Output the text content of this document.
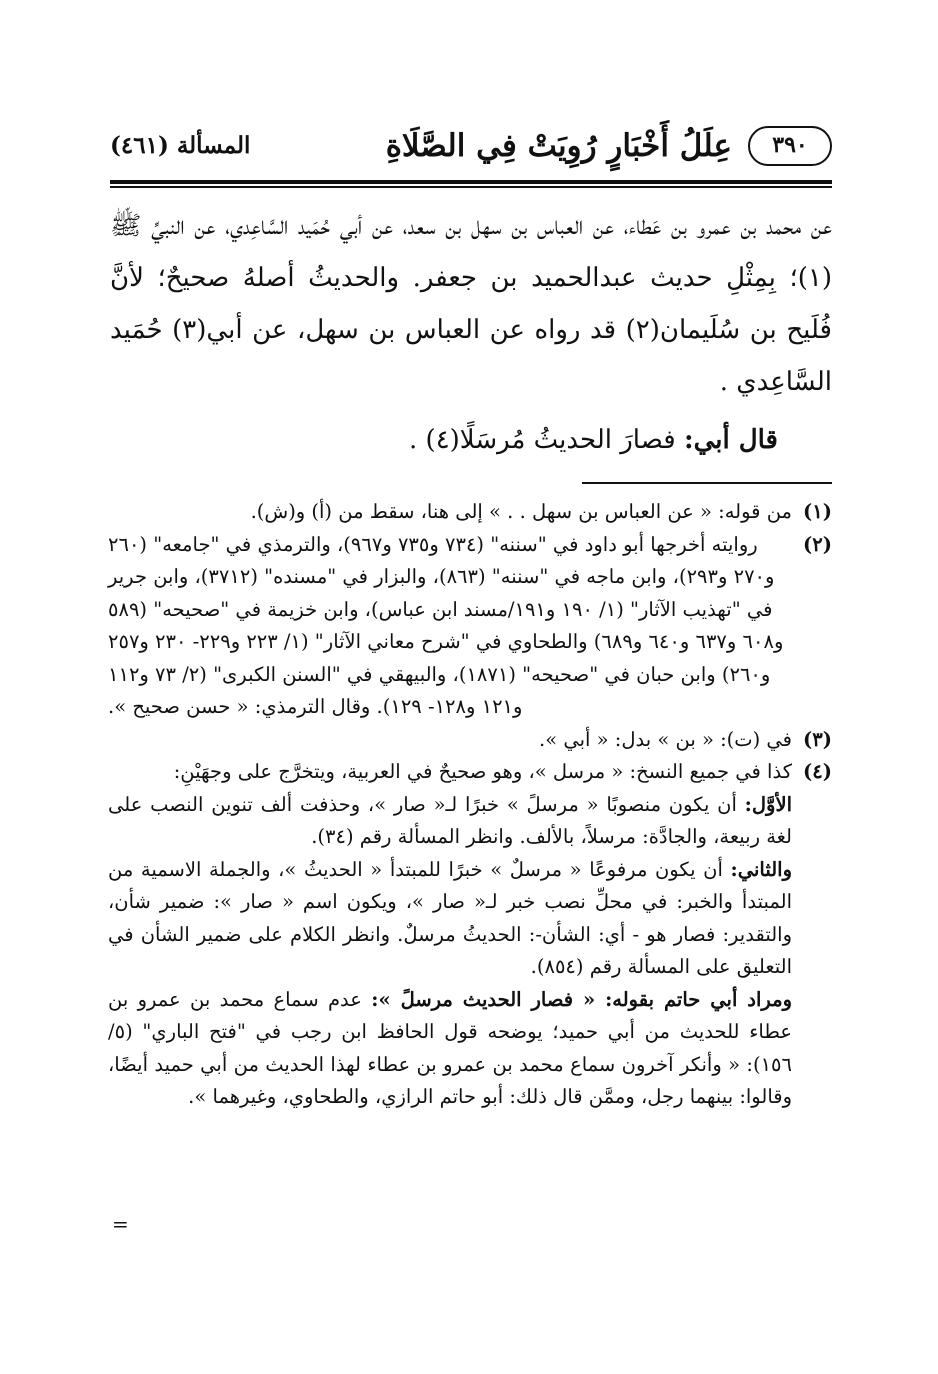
٣٩٠
عِلَلُ أَخْبَارٍ رُوِيَتْ فِي الصَّلَاةِ
المسألة (٤٦١)

عن محمد بن عمرو بن عَطاء، عن العباس بن سهل بن سعد، عن أبي حُمَيد السَّاعِدي، عن النبيِّ ﷺ (١)؛ بِمِثْلِ حديث عبدالحميد بن جعفر. والحديثُ أصلهُ صحيحٌ؛ لأنَّ فُلَيح بن سُلَيمان(٢) قد رواه عن العباس بن سهل، عن أبي(٣) حُمَيد السَّاعِدي .

قال أبي: فصارَ الحديثُ مُرسَلًا(٤) .

(١)

من قوله: « عن العباس بن سهل . . » إلى هنا، سقط من (أ) و(ش).

(٢)

روايته أخرجها أبو داود في "سننه" (٧٣٤ و٧٣٥ و٩٦٧)، والترمذي في "جامعه" (٢٦٠ و٢٧٠ و٢٩٣)، وابن ماجه في "سننه" (٨٦٣)، والبزار في "مسنده" (٣٧١٢)، وابن جرير في "تهذيب الآثار" (١/ ١٩٠ و١٩١/مسند ابن عباس)، وابن خزيمة في "صحيحه" (٥٨٩ و٦٠٨ و٦٣٧ و٦٤٠ و٦٨٩) والطحاوي في "شرح معاني الآثار" (١/ ٢٢٣ و٢٢٩- ٢٣٠ و٢٥٧ و٢٦٠) وابن حبان في "صحيحه" (١٨٧١)، والبيهقي في "السنن الكبرى" (٢/ ٧٣ و١١٢ و١٢١ و١٢٨- ١٢٩). وقال الترمذي: « حسن صحيح ».

(٣)

في (ت): « بن » بدل: « أبي ».

(٤)

كذا في جميع النسخ: « مرسل »، وهو صحيحٌ في العربية، ويتخرَّج على وجهَيْنِ:

الأوَّل: أن يكون منصوبًا « مرسلً » خبرًا لـ« صار »، وحذفت ألف تنوين النصب على لغة ربيعة، والجادَّة: مرسلاً، بالألف. وانظر المسألة رقم (٣٤).

والثاني: أن يكون مرفوعًا « مرسلٌ » خبرًا للمبتدأ « الحديثُ »، والجملة الاسمية من المبتدأ والخبر: في محلِّ نصب خبر لـ« صار »، ويكون اسم « صار »: ضمير شأن، والتقدير: فصار هو - أي: الشأن-: الحديثُ مرسلٌ. وانظر الكلام على ضمير الشأن في التعليق على المسألة رقم (٨٥٤).

ومراد أبي حاتم بقوله: « فصار الحديث مرسلً »: عدم سماع محمد بن عمرو بن عطاء للحديث من أبي حميد؛ يوضحه قول الحافظ ابن رجب في "فتح الباري" (٥/ ١٥٦): « وأنكر آخرون سماع محمد بن عمرو بن عطاء لهذا الحديث من أبي حميد أيضًا، وقالوا: بينهما رجل، وممَّن قال ذلك: أبو حاتم الرازي، والطحاوي، وغيرهما ».

=
